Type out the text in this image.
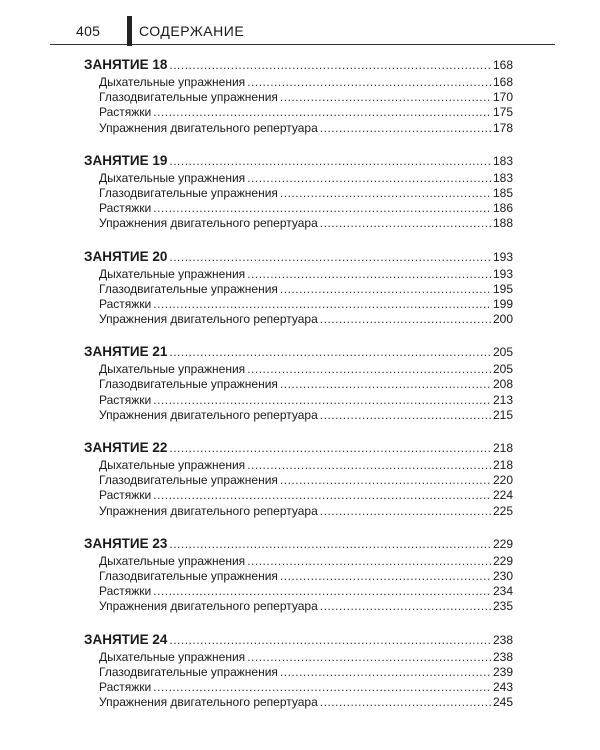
405	СОДЕРЖАНИЕ
ЗАНЯТИЕ 18 .....	168
Дыхательные упражнения .....	168
Глазодвигательные упражнения .....	170
Растяжки .....	175
Упражнения двигательного репертуара .....	178
ЗАНЯТИЕ 19 .....	183
Дыхательные упражнения .....	183
Глазодвигательные упражнения .....	185
Растяжки .....	186
Упражнения двигательного репертуара .....	188
ЗАНЯТИЕ 20 .....	193
Дыхательные упражнения .....	193
Глазодвигательные упражнения .....	195
Растяжки .....	199
Упражнения двигательного репертуара .....	200
ЗАНЯТИЕ 21 .....	205
Дыхательные упражнения .....	205
Глазодвигательные упражнения .....	208
Растяжки .....	213
Упражнения двигательного репертуара .....	215
ЗАНЯТИЕ 22 .....	218
Дыхательные упражнения .....	218
Глазодвигательные упражнения .....	220
Растяжки .....	224
Упражнения двигательного репертуара .....	225
ЗАНЯТИЕ 23 .....	229
Дыхательные упражнения .....	229
Глазодвигательные упражнения .....	230
Растяжки .....	234
Упражнения двигательного репертуара .....	235
ЗАНЯТИЕ 24 .....	238
Дыхательные упражнения .....	238
Глазодвигательные упражнения .....	239
Растяжки .....	243
Упражнения двигательного репертуара .....	245
